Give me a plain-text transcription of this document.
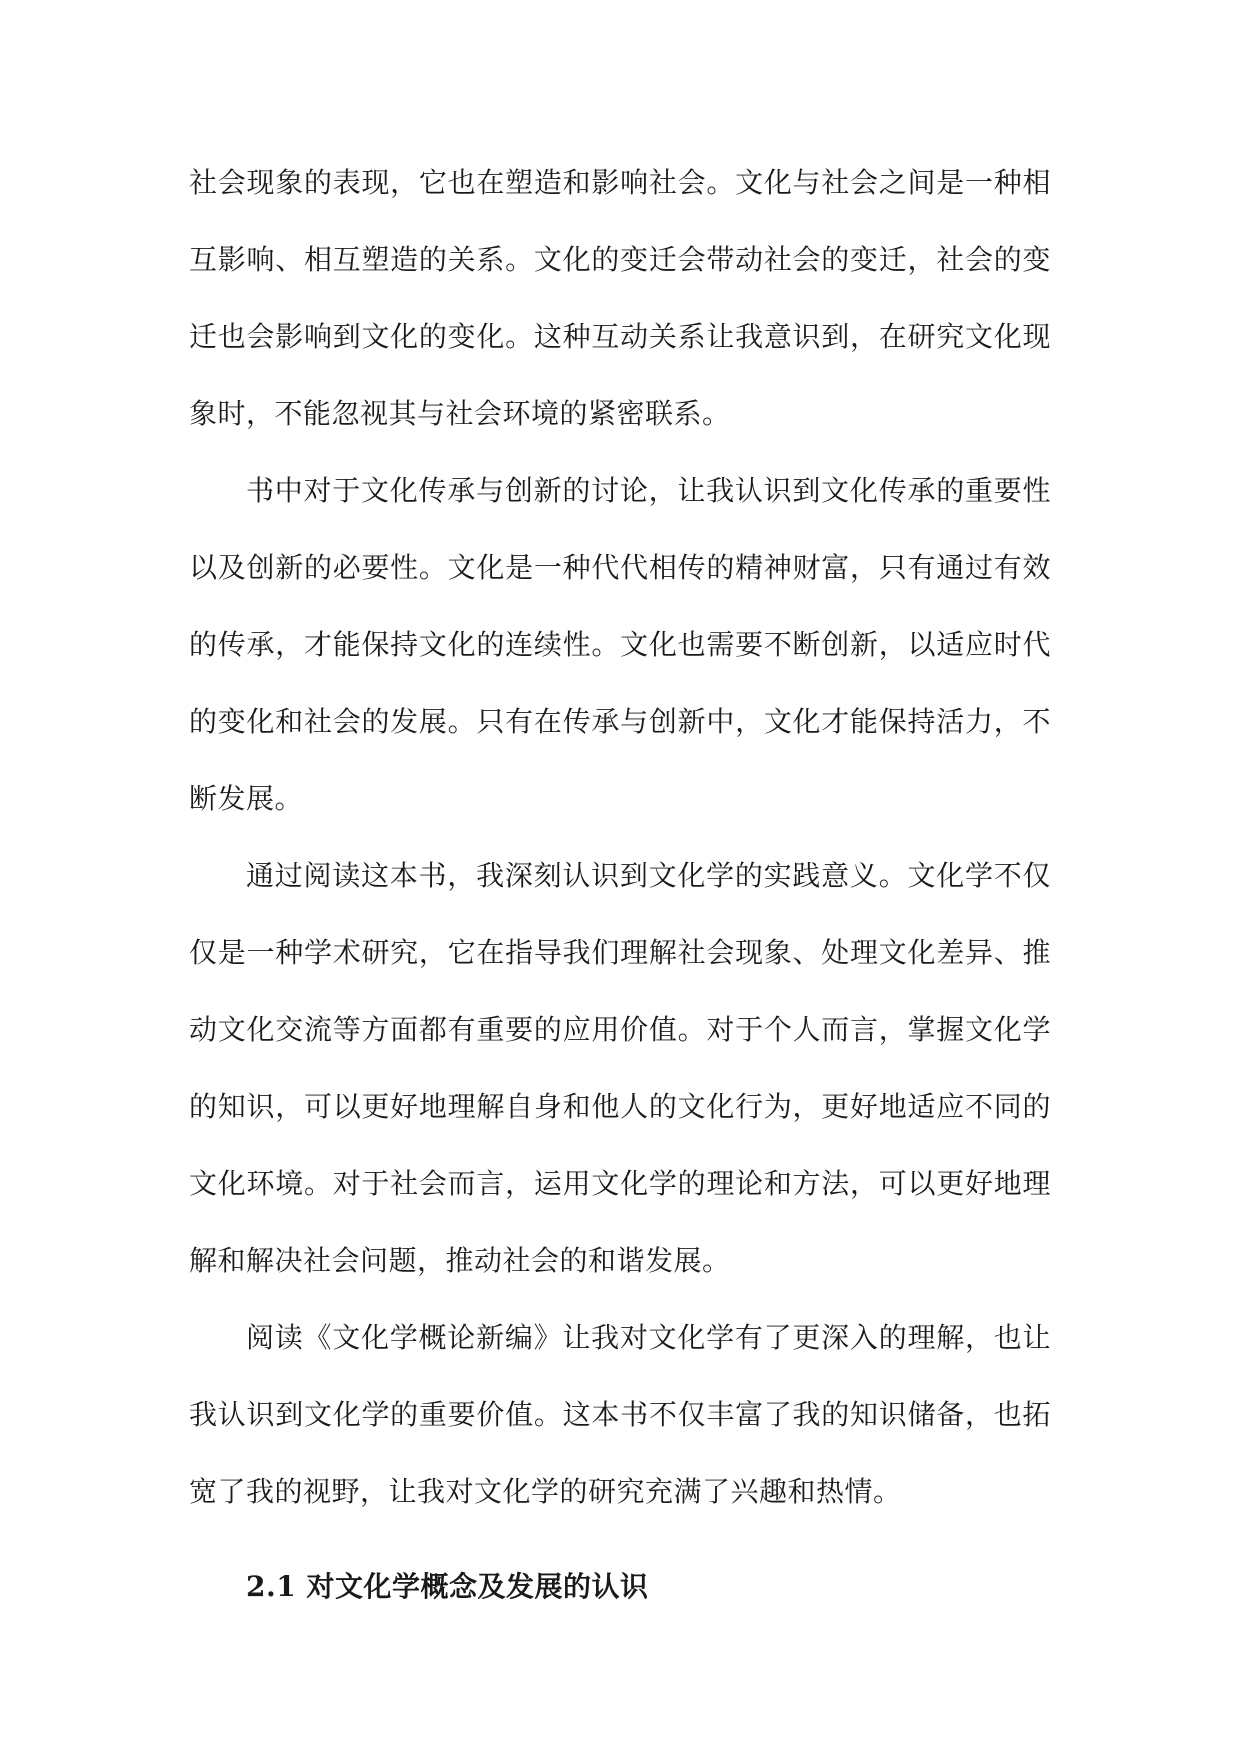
社会现象的表现，它也在塑造和影响社会。文化与社会之间是一种相互影响、相互塑造的关系。文化的变迁会带动社会的变迁，社会的变迁也会影响到文化的变化。这种互动关系让我意识到，在研究文化现象时，不能忽视其与社会环境的紧密联系。

书中对于文化传承与创新的讨论，让我认识到文化传承的重要性以及创新的必要性。文化是一种代代相传的精神财富，只有通过有效的传承，才能保持文化的连续性。文化也需要不断创新，以适应时代的变化和社会的发展。只有在传承与创新中，文化才能保持活力，不断发展。

通过阅读这本书，我深刻认识到文化学的实践意义。文化学不仅仅是一种学术研究，它在指导我们理解社会现象、处理文化差异、推动文化交流等方面都有重要的应用价值。对于个人而言，掌握文化学的知识，可以更好地理解自身和他人的文化行为，更好地适应不同的文化环境。对于社会而言，运用文化学的理论和方法，可以更好地理解和解决社会问题，推动社会的和谐发展。

阅读《文化学概论新编》让我对文化学有了更深入的理解，也让我认识到文化学的重要价值。这本书不仅丰富了我的知识储备，也拓宽了我的视野，让我对文化学的研究充满了兴趣和热情。

2.1 对文化学概念及发展的认识
